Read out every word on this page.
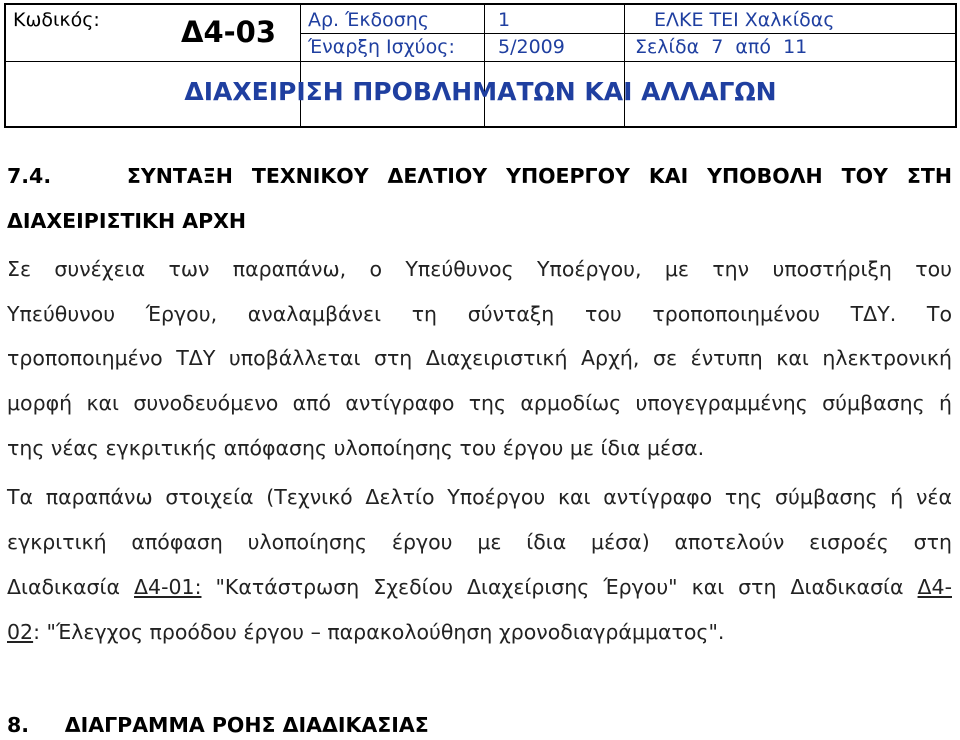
Κωδικός:	Δ4-03 Αρ. Έκδοσης	1	ΕΛΚΕ ΤΕΙ Χαλκίδας
Έναρξη Ισχύος: 5/2009	Σελίδα 7 από 11
ΔΙΑΧΕΙΡΙΣΗ ΠΡΟΒΛΗΜΑΤΩΝ ΚΑΙ ΑΛΛΑΓΩΝ
7.4.	ΣΥΝΤΑΞΗ ΤΕΧΝΙΚΟΥ ΔΕΛΤΙΟΥ ΥΠΟΕΡΓΟΥ ΚΑΙ ΥΠΟΒΟΛΗ ΤΟΥ ΣΤΗ
ΔΙΑΧΕΙΡΙΣΤΙΚΗ ΑΡΧΗ
Σε συνέχεια των παραπάνω, ο Υπεύθυνος Υποέργου, με την υποστήριξη του
Υπεύθυνου Έργου, αναλαμβάνει τη σύνταξη του τροποποιημένου ΤΔΥ. Το
τροποποιημένο ΤΔΥ υποβάλλεται στη Διαχειριστική Αρχή, σε έντυπη και ηλεκτρονική
μορφή και συνοδευόμενο από αντίγραφο της αρμοδίως υπογεγραμμένης σύμβασης ή
της νέας εγκριτικής απόφασης υλοποίησης του έργου με ίδια μέσα.
Τα παραπάνω στοιχεία (Τεχνικό Δελτίο Υποέργου και αντίγραφο της σύμβασης ή νέα
εγκριτική απόφαση υλοποίησης έργου με ίδια μέσα) αποτελούν εισροές στη
Διαδικασία Δ4-01: "Κατάστρωση Σχεδίου Διαχείρισης Έργου" και στη Διαδικασία Δ4-
02: "Έλεγχος προόδου έργου – παρακολούθηση χρονοδιαγράμματος".
8. ΔΙΑΓΡΑΜΜΑ ΡΟΗΣ ΔΙΑΔΙΚΑΣΙΑΣ
